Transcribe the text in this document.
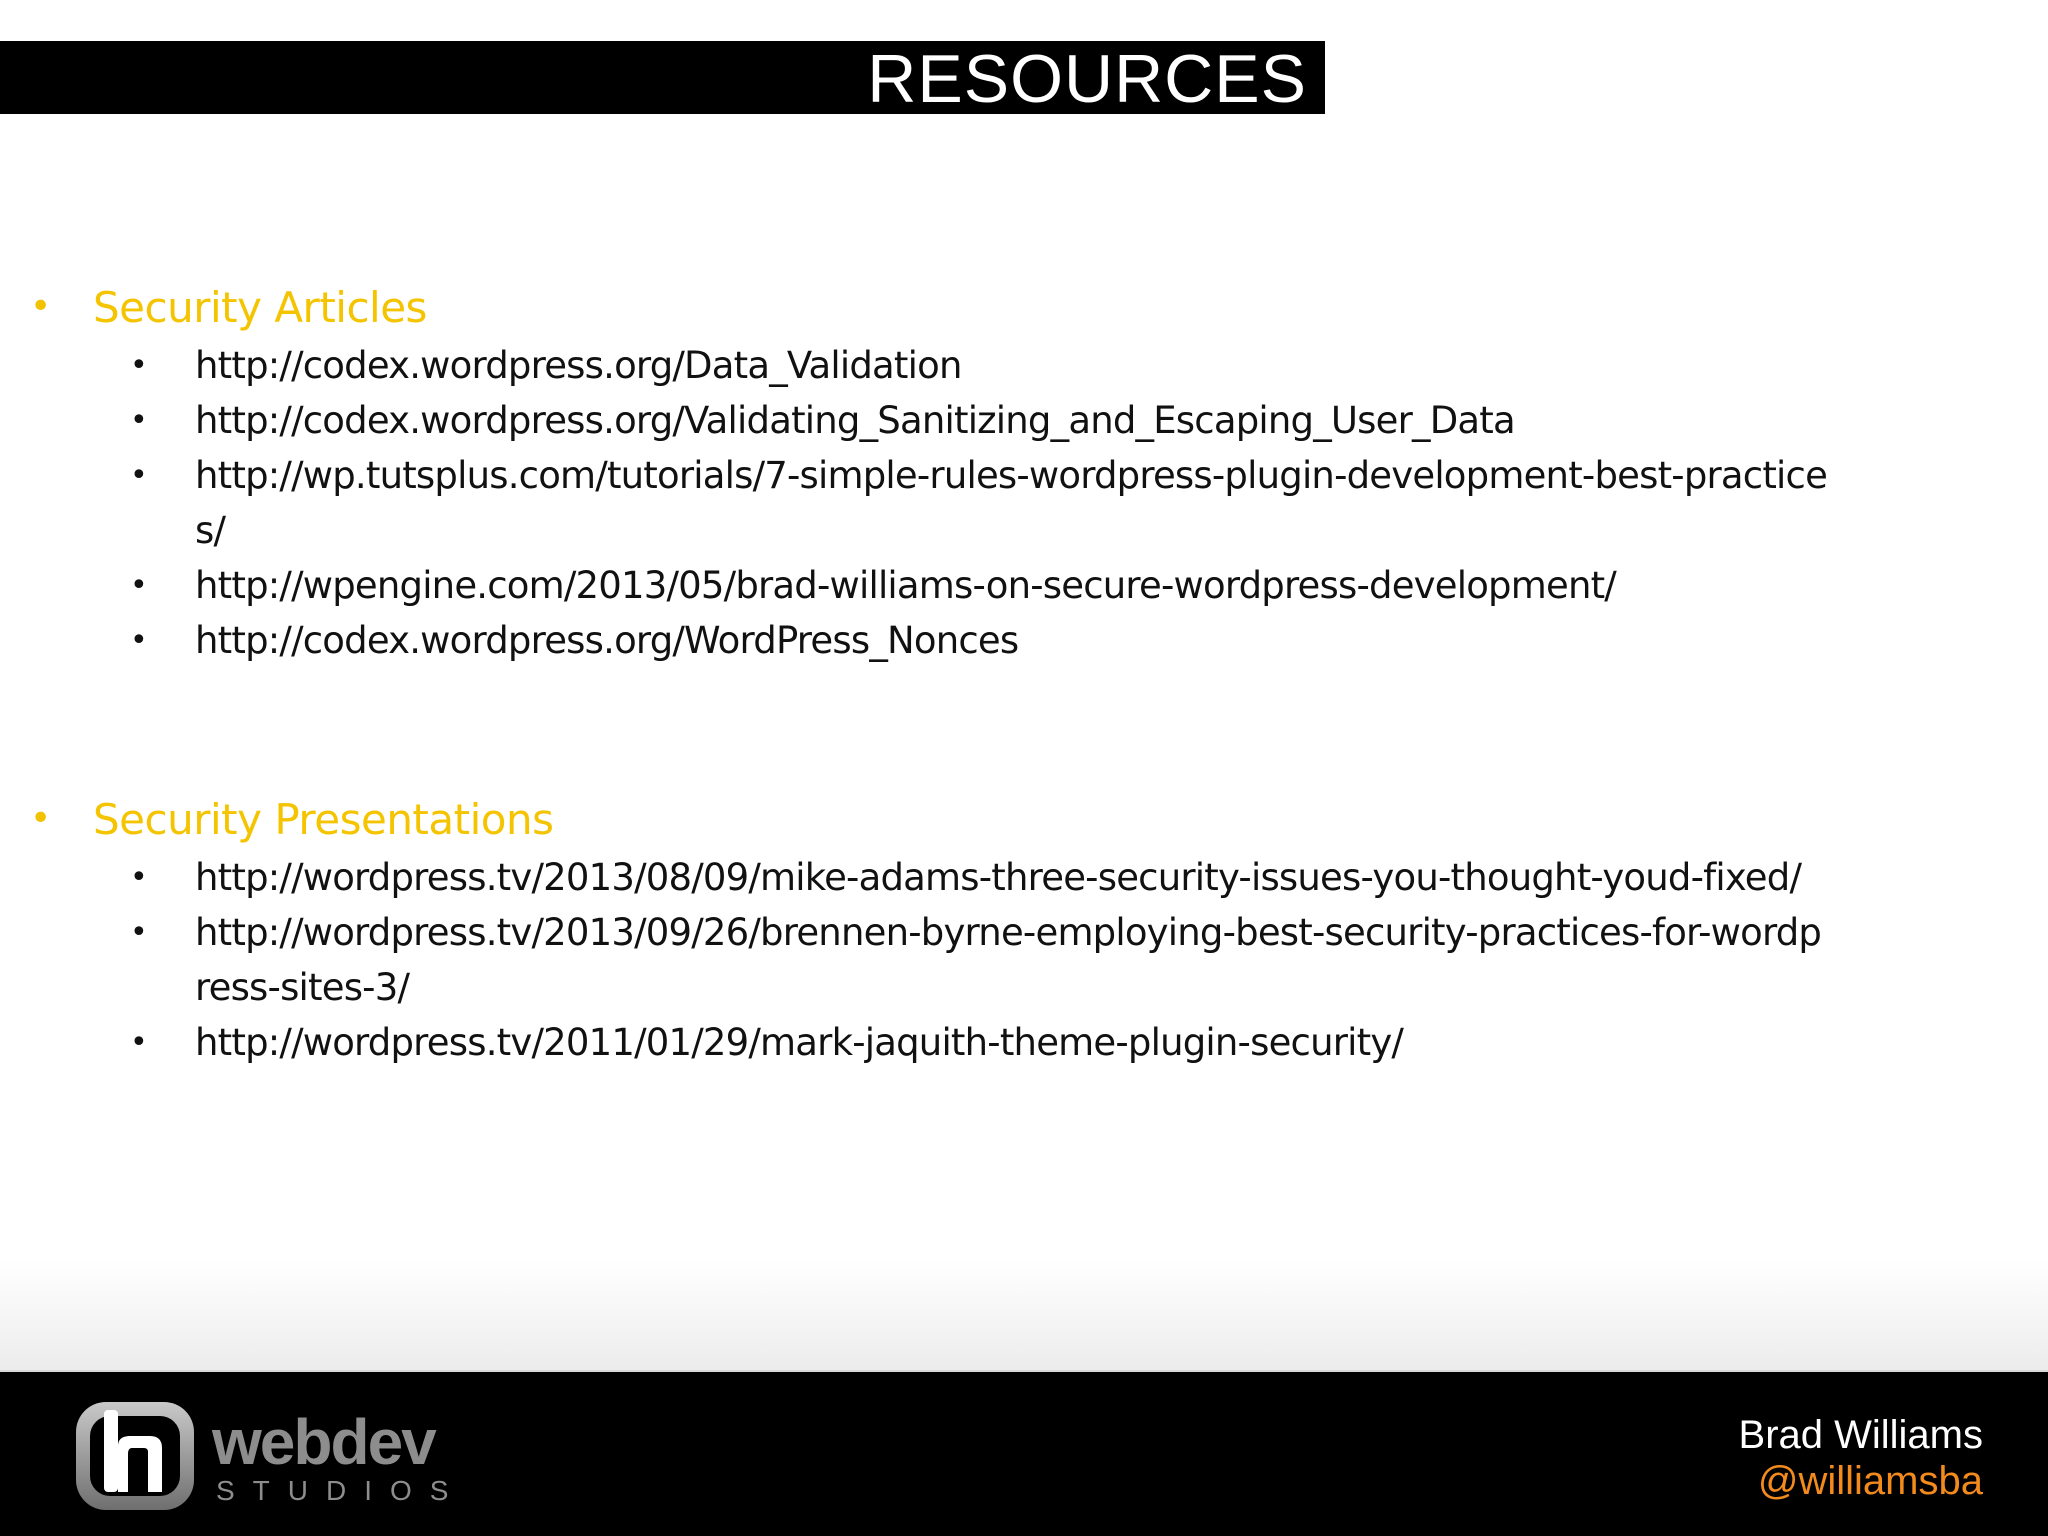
RESOURCES
• Security Articles
• http://codex.wordpress.org/Data_Validation
• http://codex.wordpress.org/Validating_Sanitizing_and_Escaping_User_Data
• http://wp.tutsplus.com/tutorials/7-simple-rules-wordpress-plugin-development-best-practices/
• http://wpengine.com/2013/05/brad-williams-on-secure-wordpress-development/
• http://codex.wordpress.org/WordPress_Nonces
• Security Presentations
• http://wordpress.tv/2013/08/09/mike-adams-three-security-issues-you-thought-youd-fixed/
• http://wordpress.tv/2013/09/26/brennen-byrne-employing-best-security-practices-for-wordpress-sites-3/
• http://wordpress.tv/2011/01/29/mark-jaquith-theme-plugin-security/
webdev
STUDIOS
Brad Williams
@williamsba
